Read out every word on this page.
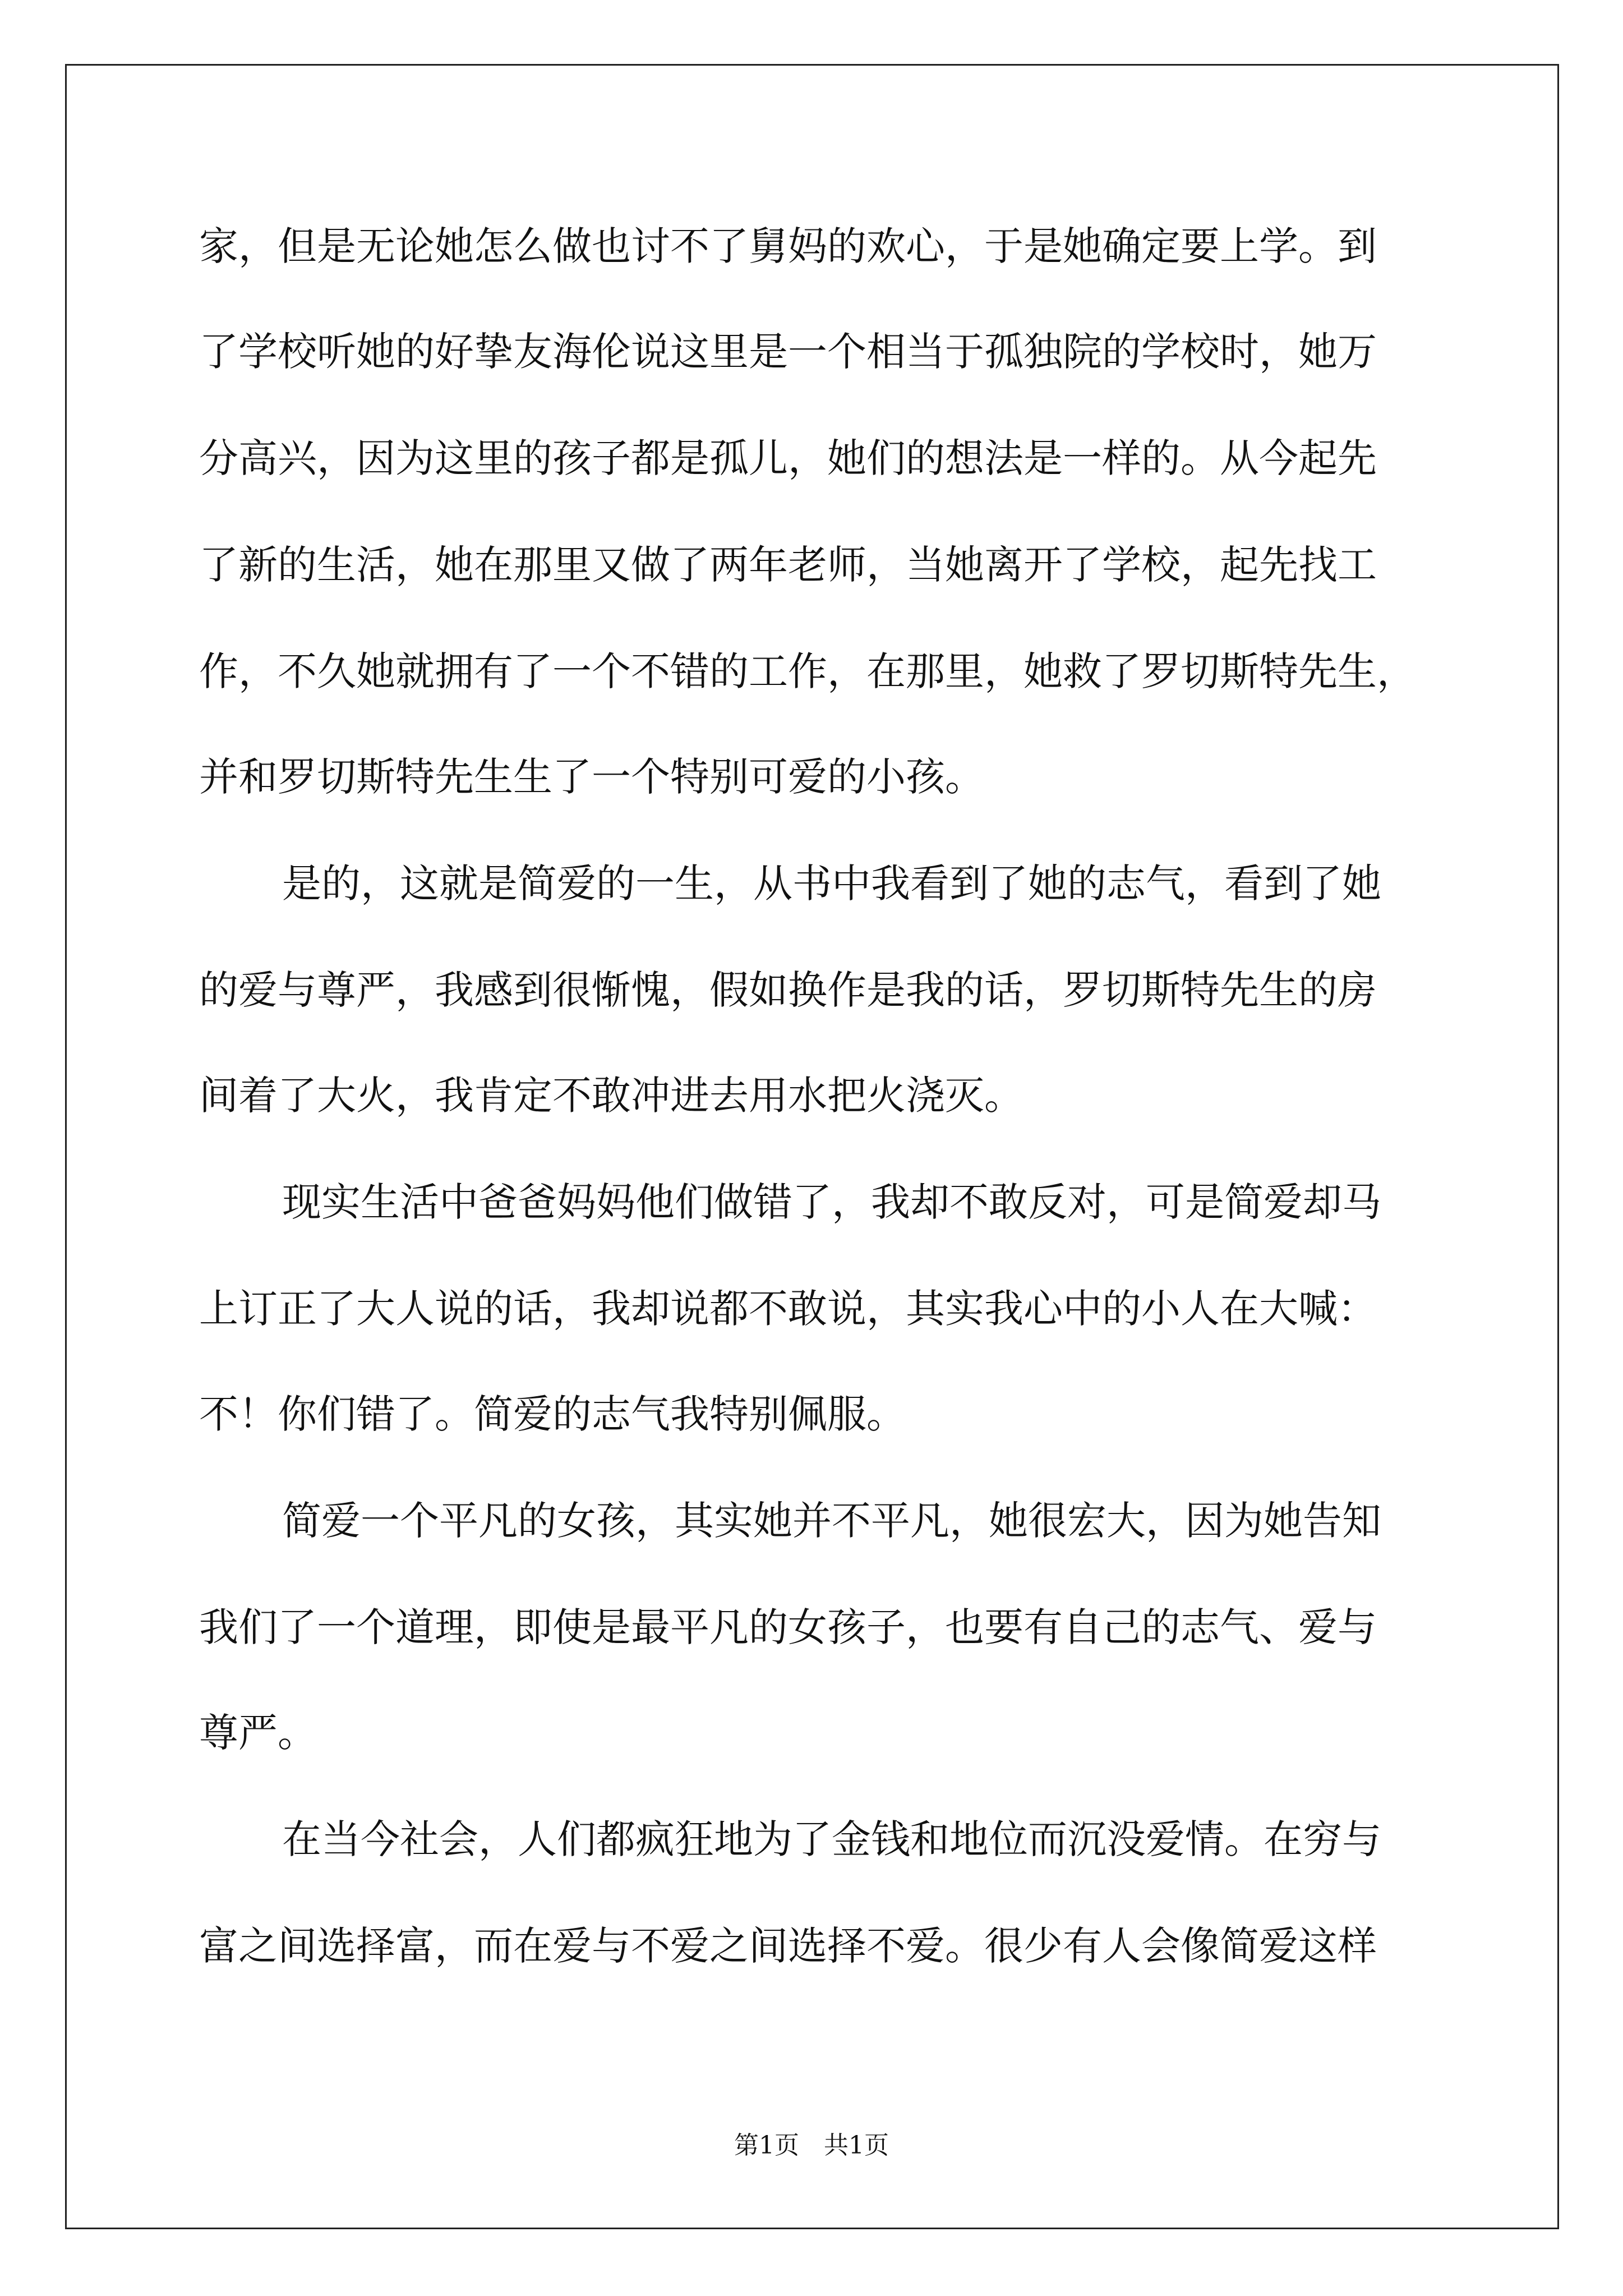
家，但是无论她怎么做也讨不了舅妈的欢心，于是她确定要上学。到
了学校听她的好挚友海伦说这里是一个相当于孤独院的学校时，她万
分高兴，因为这里的孩子都是孤儿，她们的想法是一样的。从今起先
了新的生活，她在那里又做了两年老师，当她离开了学校，起先找工
作，不久她就拥有了一个不错的工作，在那里，她救了罗切斯特先生，
并和罗切斯特先生生了一个特别可爱的小孩。
是的，这就是简爱的一生，从书中我看到了她的志气，看到了她
的爱与尊严，我感到很惭愧，假如换作是我的话，罗切斯特先生的房
间着了大火，我肯定不敢冲进去用水把火浇灭。
现实生活中爸爸妈妈他们做错了，我却不敢反对，可是简爱却马
上订正了大人说的话，我却说都不敢说，其实我心中的小人在大喊：
不！你们错了。简爱的志气我特别佩服。
简爱一个平凡的女孩，其实她并不平凡，她很宏大，因为她告知
我们了一个道理，即使是最平凡的女孩子，也要有自己的志气、爱与
尊严。
在当今社会，人们都疯狂地为了金钱和地位而沉没爱情。在穷与
富之间选择富，而在爱与不爱之间选择不爱。很少有人会像简爱这样
第1页　共1页
